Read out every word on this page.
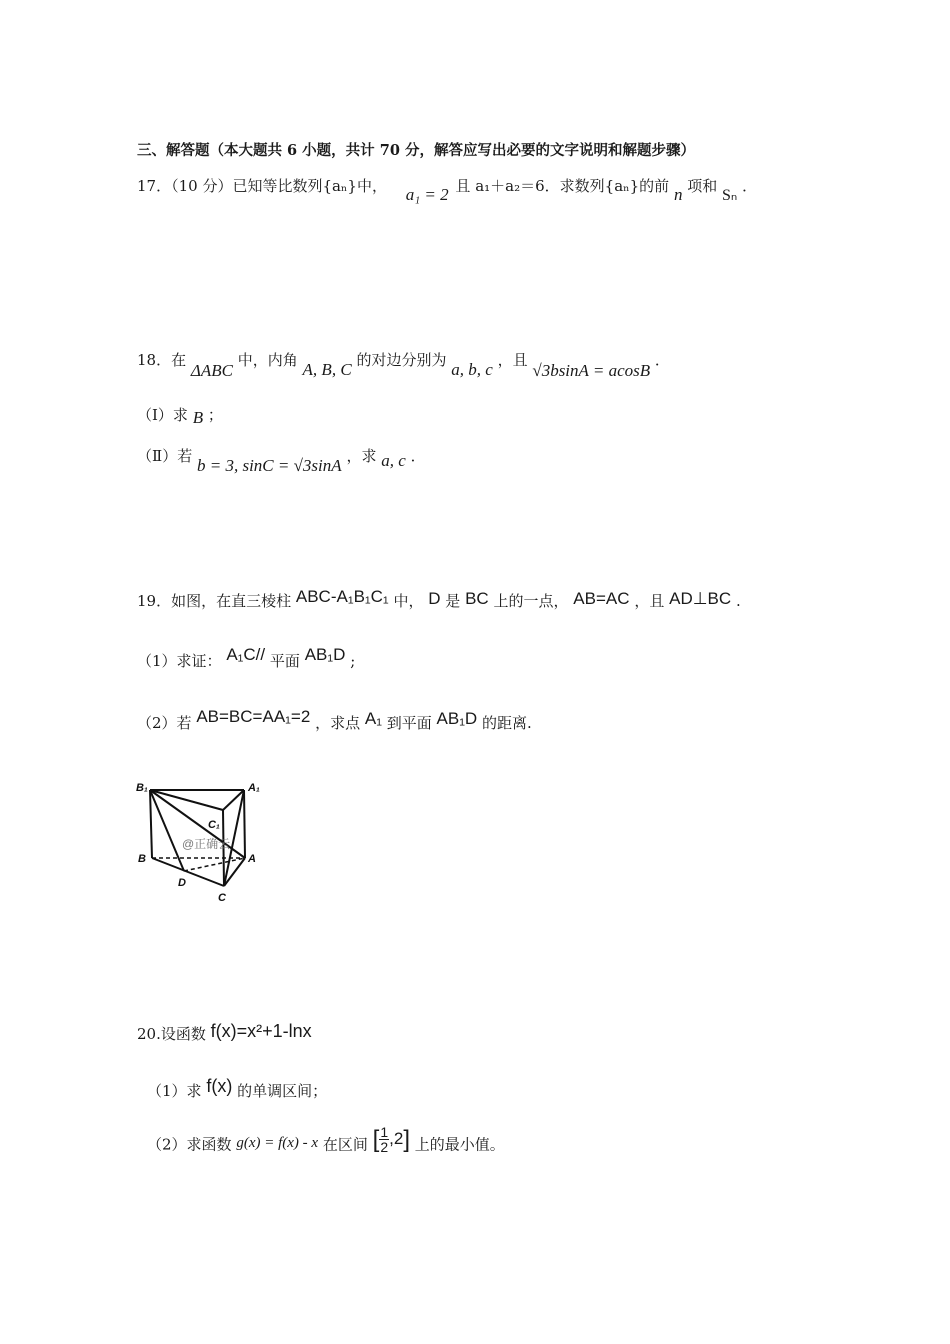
三、解答题（本大题共 6 小题，共计 70 分，解答应写出必要的文字说明和解题步骤）
17．（10 分）已知等比数列{aₙ}中， a₁ = 2 且 a₁＋a₂＝6．求数列{aₙ}的前 n 项和 Sₙ ．
18．在 ΔABC 中，内角 A, B, C 的对边分别为 a, b, c ，且 √3bsinA = acosB ．
（Ⅰ）求 B ；
（Ⅱ）若 b = 3, sinC = √3sinA ，求 a, c ．
19．如图，在直三棱柱 ABC-A₁B₁C₁ 中， D 是 BC 上的一点， AB=AC ，且 AD⊥BC .
（1）求证： A₁C// 平面 AB₁D ;
（2）若 AB=BC=AA₁=2 ，求点 A₁ 到平面 AB₁D 的距离.
B₁	A₁
C₁
B	A
D
C
@正确云
20.设函数 f(x)=x²+1-lnx
（1）求 f(x) 的单调区间；
（2）求函数 g(x) = f(x) - x 在区间 [ $\frac{1}{2} ,2$] 上的最小值。
